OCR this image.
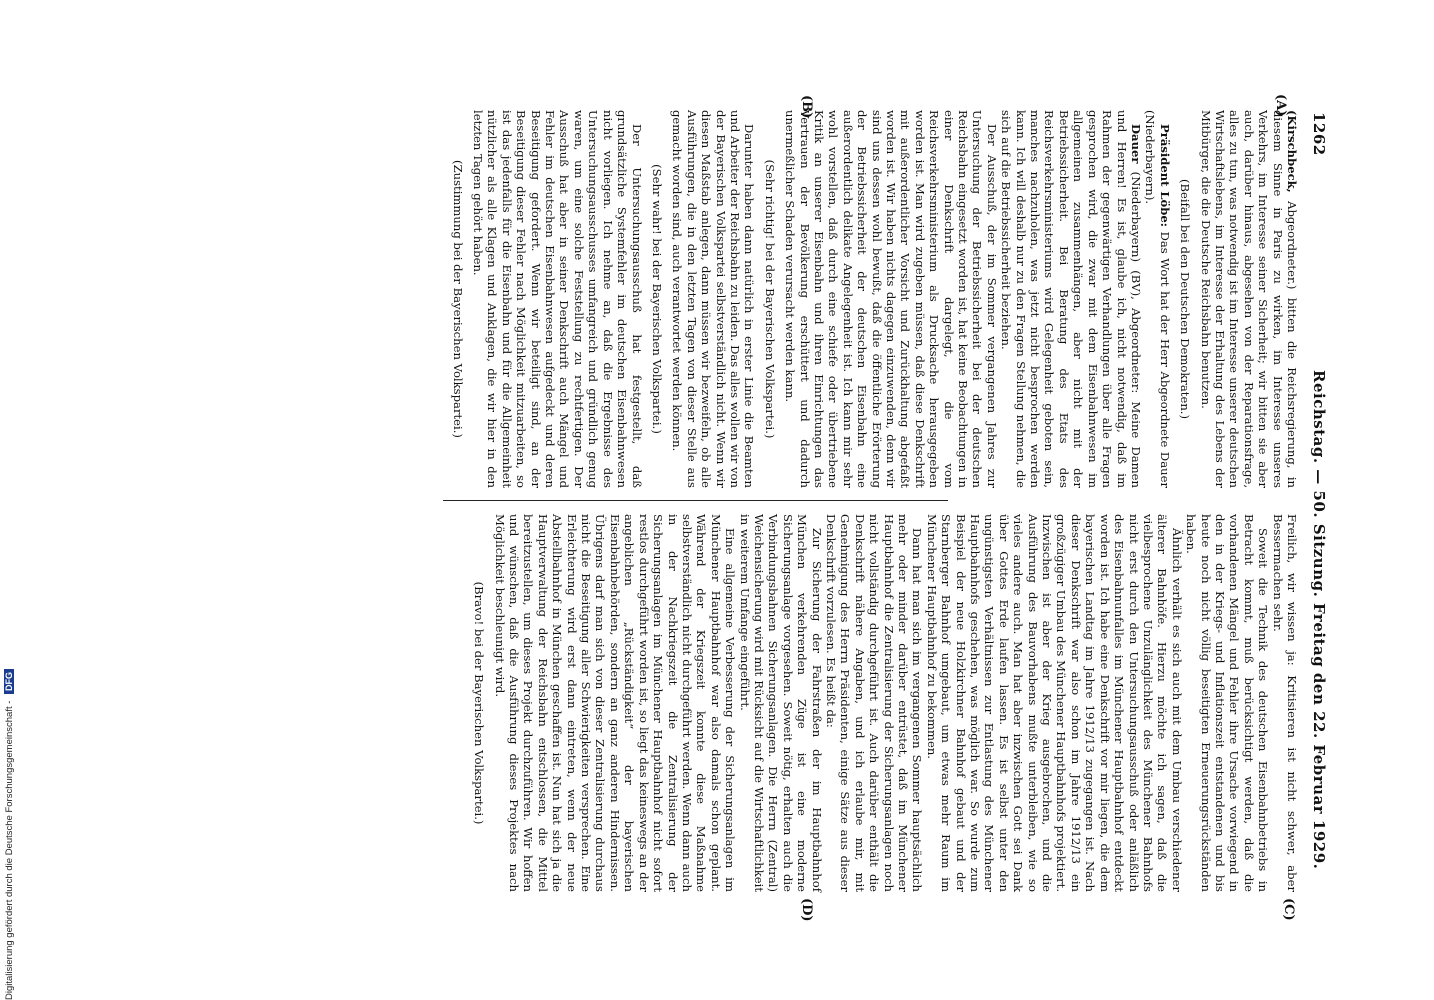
1262
Reichstag. — 50. Sitzung. Freitag den 22. Februar 1929.
(A)
(B)
(C)
(D)

(Kirschbeck, Abgeordneter.) bitten die Reichsregierung, in diesem Sinne in Paris zu wirken, im Interesse unseres Verkehrs, im Interesse seiner Sicherheit; wir bitten sie aber auch, darüber hinaus, abgesehen von der Reparationsfrage, alles zu tun, was notwendig ist im Interesse unserer deutschen Wirtschaftslebens, im Interesse der Erhaltung des Lebens der Mitbürger, die die Deutsche Reichsbahn benutzen.

(Beifall bei den Deutschen Demokraten.)

Präsident Löbe: Das Wort hat der Herr Abgeordnete Dauer (Niederbayern).

Dauer (Niederbayern) (BV), Abgeordneter: Meine Damen und Herren! Es ist, glaube ich, nicht notwendig, daß im Rahmen der gegenwärtigen Verhandlungen über alle Fragen gesprochen wird, die zwar mit dem Eisenbahnwesen im allgemeinen zusammenhängen, aber nicht mit der Betriebssicherheit. Bei Beratung des Etats des Reichsverkehrsministeriums wird Gelegenheit geboten sein, manches nachzuholen, was jetzt nicht besprochen werden kann. Ich will deshalb nur zu den Fragen Stellung nehmen, die sich auf die Betriebssicherheit beziehen.

Der Ausschuß, der im Sommer vergangenen Jahres zur Untersuchung der Betriebssicherheit bei der deutschen Reichsbahn eingesetzt worden ist, hat keine Beobachtungen in einer Denkschrift dargelegt, die vom Reichsverkehrsministerium als Drucksache herausgegeben worden ist. Man wird zugeben müssen, daß diese Denkschrift mit außerordentlicher Vorsicht und Zurückhaltung abgefaßt worden ist. Wir haben nichts dagegen einzuwenden, denn wir sind uns dessen wohl bewußt, daß die öffentliche Erörterung der Betriebssicherheit der deutschen Eisenbahn eine außerordentlich delikate Angelegenheit ist. Ich kann mir sehr wohl vorstellen, daß durch eine schiefe oder übertriebene Kritik an unserer Eisenbahn und ihren Einrichtungen das Vertrauen der Bevölkerung erschüttert und dadurch unermeßlicher Schaden verursacht werden kann.

(Sehr richtig! bei der Bayerischen Volkspartei.)

Darunter haben dann natürlich in erster Linie die Beamten und Arbeiter der Reichsbahn zu leiden. Das alles wollen wir von der Bayerischen Volkspartei selbstverständlich nicht. Wenn wir diesen Maßstab anlegen, dann müssen wir bezweifeln, ob alle Ausführungen, die in den letzten Tagen von dieser Stelle aus gemacht worden sind, auch verantwortet werden können.

(Sehr wahr! bei der Bayerischen Volkspartei.)

Der Untersuchungsausschuß hat festgestellt, daß grundsätzliche Systemfehler im deutschen Eisenbahnwesen nicht vorliegen. Ich nehme an, daß die Ergebnisse des Untersuchungsausschusses umfangreich und gründlich genug waren, um eine solche Feststellung zu rechtfertigen. Der Ausschuß hat aber in seiner Denkschrift auch Mängel und Fehler im deutschen Eisenbahnwesen aufgedeckt und deren Beseitigung gefordert. Wenn wir beteiligt sind, an der Beseitigung dieser Fehler nach Möglichkeit mitzuarbeiten, so ist das jedenfalls für die Eisenbahn und für die Allgemeinheit nützlicher als alle Klagen und Anklagen, die wir hier in den letzten Tagen gehört haben.

(Zustimmung bei der Bayerischen Volkspartei.)

Freilich, wir wissen ja: Kritisieren ist nicht schwer, aber Bessermachen sehr.

Soweit die Technik des deutschen Eisenbahnbetriebs in Betracht kommt, muß berücksichtigt werden, daß die vorhandenen Mängel und Fehler ihre Ursache vorwiegend in den in der Kriegs- und Inflationszeit entstandenen und bis heute noch nicht völlig beseitigten Erneuerungsrückständen haben.

Ähnlich verhält es sich auch mit dem Umbau verschiedener älterer Bahnhöfe. Hierzu möchte ich sagen, daß die vielbesprochene Unzulänglichkeit des Münchener Bahnhofs nicht erst durch den Untersuchungsausschuß oder anläßlich des Eisenbahnunfalles im Münchener Hauptbahnhof entdeckt worden ist. Ich habe eine Denkschrift vor mir liegen, die dem bayerischen Landtag im Jahre 1912/13 zugegangen ist. Nach dieser Denkschrift war also schon im Jahre 1912/13 ein großzügiger Umbau des Münchener Hauptbahnhofs projektiert. Inzwischen ist aber der Krieg ausgebrochen, und die Ausführung des Bauvorhabens mußte unterbleiben, wie so vieles andere auch. Man hat aber inzwischen Gott sei Dank über Gottes Erde laufen lassen. Es ist selbst unter den ungünstigsten Verhältnissen zur Entlastung des Münchener Hauptbahnhofs geschehen, was möglich war. So wurde zum Beispiel der neue Holzkirchner Bahnhof gebaut und der Starnberger Bahnhof umgebaut, um etwas mehr Raum im Münchener Hauptbahnhof zu bekommen.

Dann hat man sich im vergangenen Sommer hauptsächlich mehr oder minder darüber entrüstet, daß im Münchener Hauptbahnhof die Zentralisierung der Sicherungsanlagen noch nicht vollständig durchgeführt ist. Auch darüber enthält die Denkschrift nähere Angaben, und ich erlaube mir, mit Genehmigung des Herrn Präsidenten, einige Sätze aus dieser Denkschrift vorzulesen. Es heißt da:

Zur Sicherung der Fahrstraßen der im Hauptbahnhof München verkehrenden Züge ist eine moderne Sicherungsanlage vorgesehen. Soweit nötig, erhalten auch die Verbindungsbahnen Sicherungsanlagen. Die Herrn (Zentral) Weichensicherung wird mit Rücksicht auf die Wirtschaftlichkeit in weiterem Umfange eingeführt.

Eine allgemeine Verbesserung der Sicherungsanlagen im Münchener Hauptbahnhof war also damals schon geplant. Während der Kriegszeit konnte diese Maßnahme selbstverständlich nicht durchgeführt werden. Wenn dann auch in der Nachkriegszeit die Zentralisierung der Sicherungsanlagen im Münchener Hauptbahnhof nicht sofort restlos durchgeführt worden ist, so liegt das keineswegs an der angeblichen „Rückständigkeit“ der bayerischen Eisenbahnbehörden, sondern an ganz anderen Hindernissen. Übrigens darf man sich von dieser Zentralisierung durchaus nicht die Beseitigung aller Schwierigkeiten versprechen. Eine Erleichterung wird erst dann eintreten, wenn der neue Abstellbahnhof in München geschaffen ist. Nun hat sich ja die Hauptverwaltung der Reichsbahn entschlossen, die Mittel bereitzustellen, um dieses Projekt durchzuführen. Wir hoffen und wünschen, daß die Ausführung dieses Projektes nach Möglichkeit beschleunigt wird.

(Bravo! bei der Bayerischen Volkspartei.)

Digitalisierung gefördert durch die Deutsche Forschungsgemeinschaft - DFG
